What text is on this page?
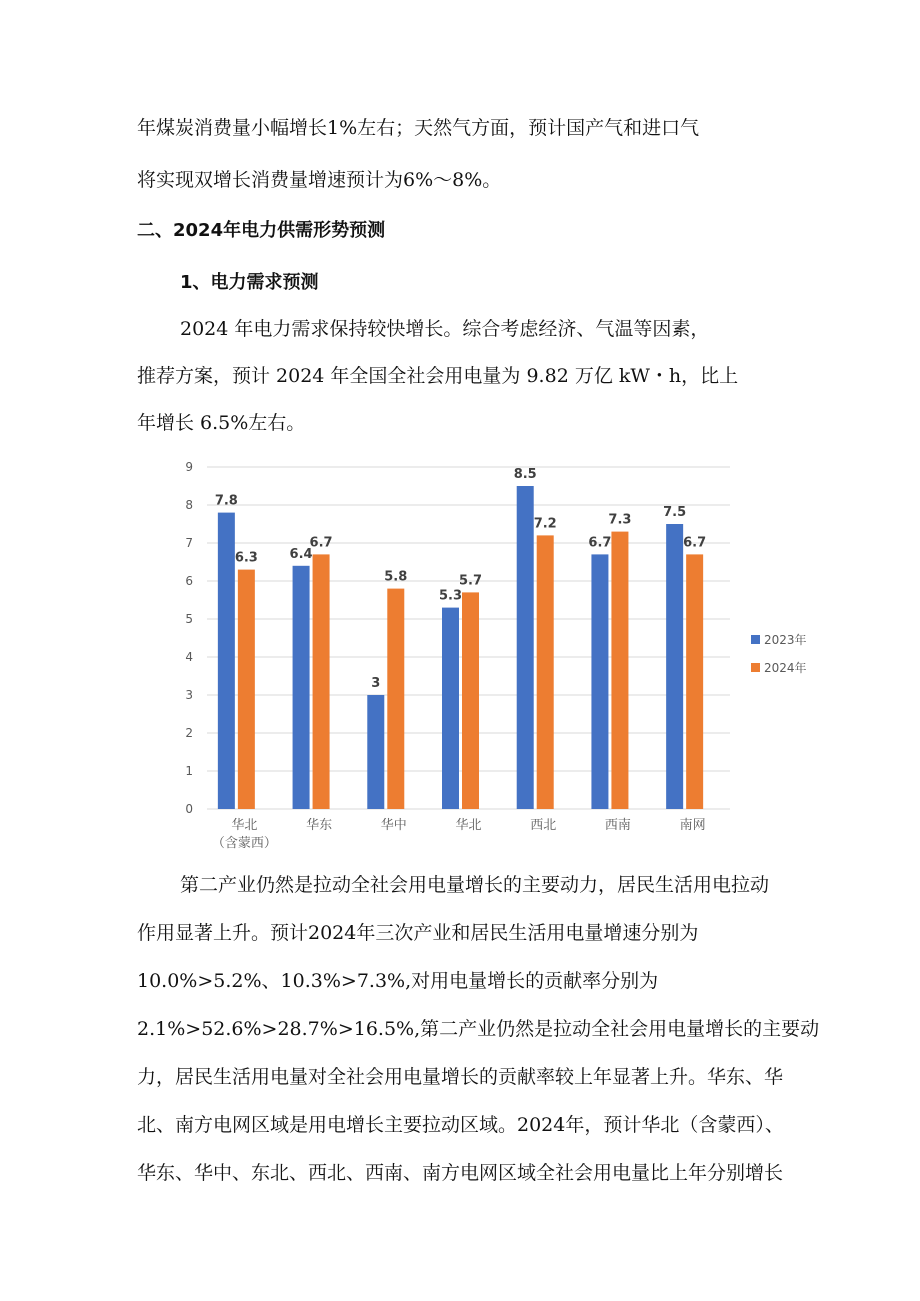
年煤炭消费量小幅增长1%左右；天然气方面，预计国产气和进口气
将实现双增长消费量增速预计为6%～8%。
二、2024年电力供需形势预测
1、电力需求预测
2024 年电力需求保持较快增长。综合考虑经济、气温等因素，
推荐方案，预计 2024 年全国全社会用电量为 9.82 万亿 kW・h，比上
年增长 6.5%左右。
0
1
2
3
4
5
6
7
8
9
7.8
6.3
华北
（含蒙西）
6.4
6.7
华东
3
5.8
华中
5.3
5.7
华北
8.5
7.2
西北
6.7
7.3
西南
7.5
6.7
南网
2023年
2024年
第二产业仍然是拉动全社会用电量增长的主要动力，居民生活用电拉动
作用显著上升。预计2024年三次产业和居民生活用电量增速分别为
10.0%>5.2%、10.3%>7.3%,对用电量增长的贡献率分别为
2.1%>52.6%>28.7%>16.5%,第二产业仍然是拉动全社会用电量增长的主要动
力，居民生活用电量对全社会用电量增长的贡献率较上年显著上升。华东、华
北、南方电网区域是用电增长主要拉动区域。2024年，预计华北（含蒙西）、
华东、华中、东北、西北、西南、南方电网区域全社会用电量比上年分别增长
